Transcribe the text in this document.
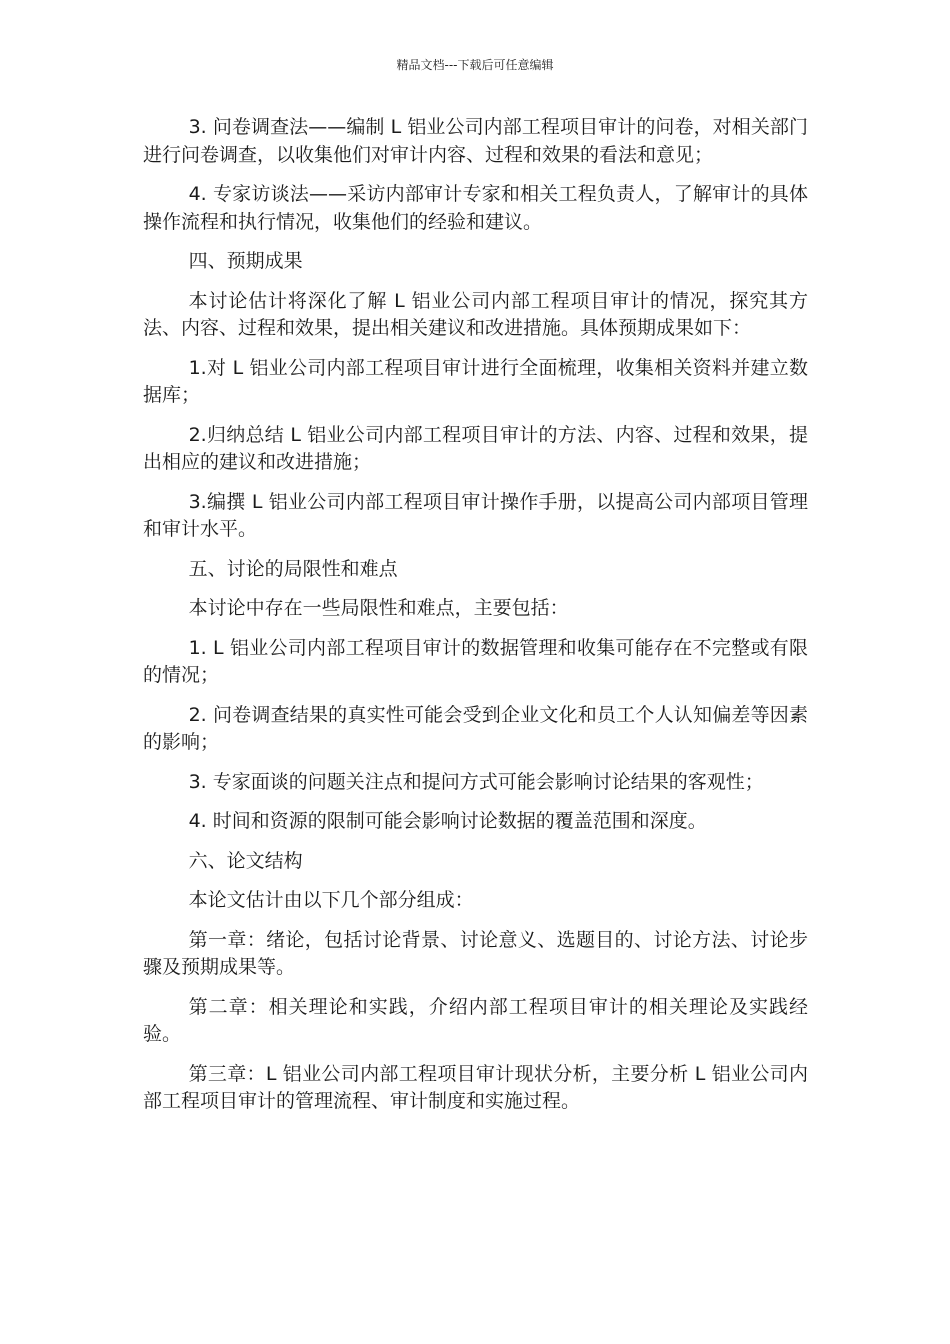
精品文档---下载后可任意编辑

3. 问卷调查法——编制 L 铝业公司内部工程项目审计的问卷，对相关部门进行问卷调查，以收集他们对审计内容、过程和效果的看法和意见；

4. 专家访谈法——采访内部审计专家和相关工程负责人，了解审计的具体操作流程和执行情况，收集他们的经验和建议。

四、预期成果

本讨论估计将深化了解 L 铝业公司内部工程项目审计的情况，探究其方法、内容、过程和效果，提出相关建议和改进措施。具体预期成果如下：

1.对 L 铝业公司内部工程项目审计进行全面梳理，收集相关资料并建立数据库；

2.归纳总结 L 铝业公司内部工程项目审计的方法、内容、过程和效果，提出相应的建议和改进措施；

3.编撰 L 铝业公司内部工程项目审计操作手册，以提高公司内部项目管理和审计水平。

五、讨论的局限性和难点

本讨论中存在一些局限性和难点，主要包括：

1. L 铝业公司内部工程项目审计的数据管理和收集可能存在不完整或有限的情况；

2. 问卷调查结果的真实性可能会受到企业文化和员工个人认知偏差等因素的影响；

3. 专家面谈的问题关注点和提问方式可能会影响讨论结果的客观性；

4. 时间和资源的限制可能会影响讨论数据的覆盖范围和深度。

六、论文结构

本论文估计由以下几个部分组成：

第一章：绪论，包括讨论背景、讨论意义、选题目的、讨论方法、讨论步骤及预期成果等。

第二章：相关理论和实践，介绍内部工程项目审计的相关理论及实践经验。

第三章：L 铝业公司内部工程项目审计现状分析，主要分析 L 铝业公司内部工程项目审计的管理流程、审计制度和实施过程。
